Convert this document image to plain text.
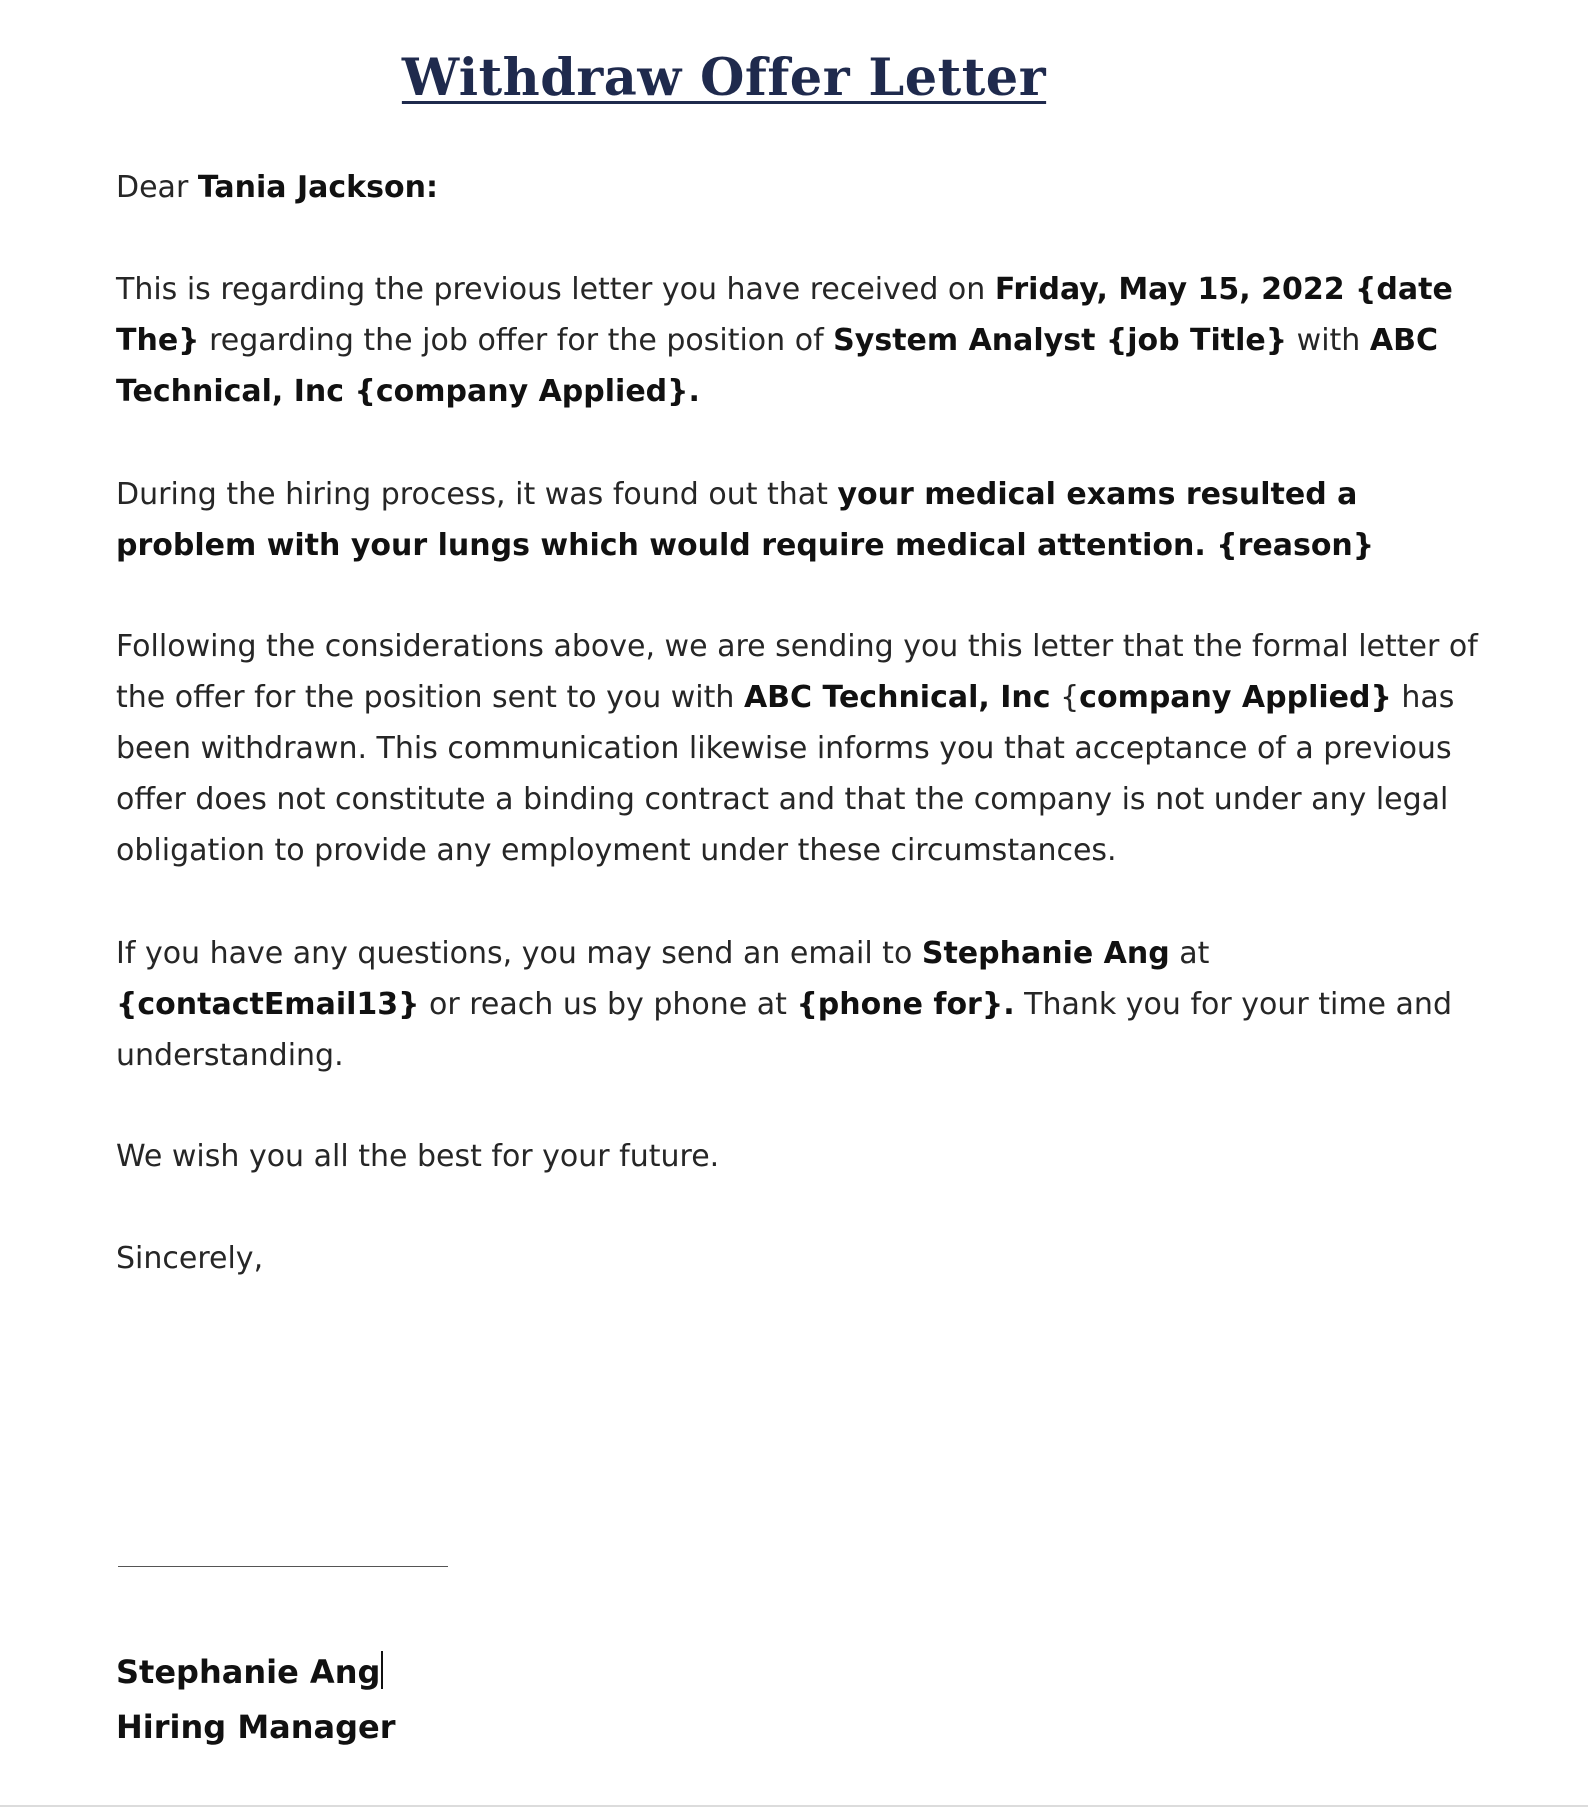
Withdraw Offer Letter

Dear Tania Jackson:

This is regarding the previous letter you have received on Friday, May 15, 2022 {date The} regarding the job offer for the position of System Analyst {job Title} with ABC Technical, Inc {company Applied}.

During the hiring process, it was found out that your medical exams resulted a problem with your lungs which would require medical attention. {reason}

Following the considerations above, we are sending you this letter that the formal letter of the offer for the position sent to you with ABC Technical, Inc {company Applied} has been withdrawn. This communication likewise informs you that acceptance of a previous offer does not constitute a binding contract and that the company is not under any legal obligation to provide any employment under these circumstances.

If you have any questions, you may send an email to Stephanie Ang at {contactEmail13} or reach us by phone at {phone for}. Thank you for your time and understanding.

We wish you all the best for your future.

Sincerely,

Stephanie Ang
Hiring Manager
